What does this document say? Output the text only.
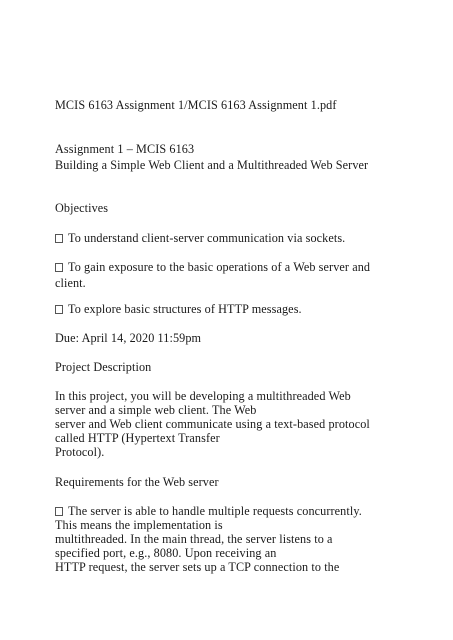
MCIS 6163 Assignment 1/MCIS 6163 Assignment 1.pdf
Assignment 1 – MCIS 6163
Building a Simple Web Client and a Multithreaded Web Server
Objectives
To understand client-server communication via sockets.
To gain exposure to the basic operations of a Web server and
client.
To explore basic structures of HTTP messages.
Due: April 14, 2020 11:59pm
Project Description
In this project, you will be developing a multithreaded Web
server and a simple web client. The Web
server and Web client communicate using a text-based protocol
called HTTP (Hypertext Transfer
Protocol).
Requirements for the Web server
The server is able to handle multiple requests concurrently.
This means the implementation is
multithreaded. In the main thread, the server listens to a
specified port, e.g., 8080. Upon receiving an
HTTP request, the server sets up a TCP connection to the
